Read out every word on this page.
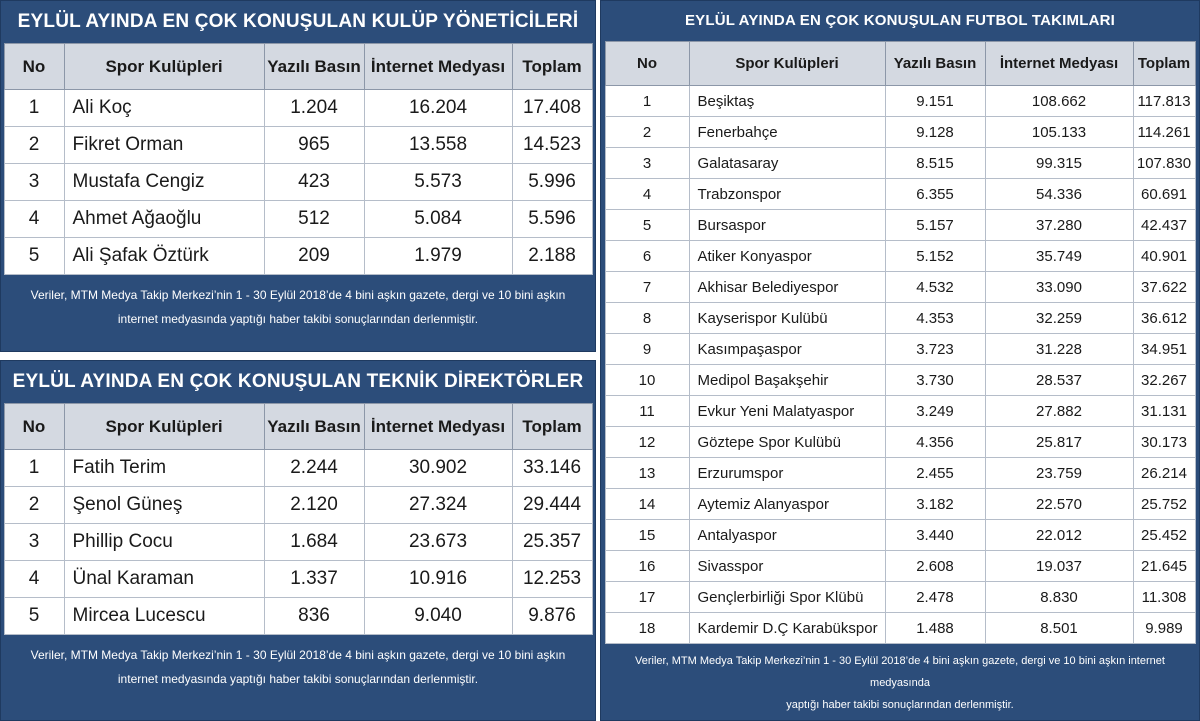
EYLÜL AYINDA EN ÇOK KONUŞULAN KULÜP YÖNETİCİLERİ
No	Spor Kulüpleri	Yazılı Basın	İnternet Medyası	Toplam
1	Ali Koç	1.204	16.204	17.408
2	Fikret Orman	965	13.558	14.523
3	Mustafa Cengiz	423	5.573	5.996
4	Ahmet Ağaoğlu	512	5.084	5.596
5	Ali Şafak Öztürk	209	1.979	2.188
Veriler, MTM Medya Takip Merkezi’nin 1 - 30 Eylül 2018’de 4 bini aşkın gazete, dergi ve 10 bini aşkın
internet medyasında yaptığı haber takibi sonuçlarından derlenmiştir.
EYLÜL AYINDA EN ÇOK KONUŞULAN TEKNİK DİREKTÖRLER
No	Spor Kulüpleri	Yazılı Basın	İnternet Medyası	Toplam
1	Fatih Terim	2.244	30.902	33.146
2	Şenol Güneş	2.120	27.324	29.444
3	Phillip Cocu	1.684	23.673	25.357
4	Ünal Karaman	1.337	10.916	12.253
5	Mircea Lucescu	836	9.040	9.876
Veriler, MTM Medya Takip Merkezi’nin 1 - 30 Eylül 2018’de 4 bini aşkın gazete, dergi ve 10 bini aşkın
internet medyasında yaptığı haber takibi sonuçlarından derlenmiştir.
EYLÜL AYINDA EN ÇOK KONUŞULAN FUTBOL TAKIMLARI
No	Spor Kulüpleri	Yazılı Basın	İnternet Medyası	Toplam
1	Beşiktaş	9.151	108.662	117.813
2	Fenerbahçe	9.128	105.133	114.261
3	Galatasaray	8.515	99.315	107.830
4	Trabzonspor	6.355	54.336	60.691
5	Bursaspor	5.157	37.280	42.437
6	Atiker Konyaspor	5.152	35.749	40.901
7	Akhisar Belediyespor	4.532	33.090	37.622
8	Kayserispor Kulübü	4.353	32.259	36.612
9	Kasımpaşaspor	3.723	31.228	34.951
10	Medipol Başakşehir	3.730	28.537	32.267
11	Evkur Yeni Malatyaspor	3.249	27.882	31.131
12	Göztepe Spor Kulübü	4.356	25.817	30.173
13	Erzurumspor	2.455	23.759	26.214
14	Aytemiz Alanyaspor	3.182	22.570	25.752
15	Antalyaspor	3.440	22.012	25.452
16	Sivasspor	2.608	19.037	21.645
17	Gençlerbirliği Spor Klübü	2.478	8.830	11.308
18	Kardemir D.Ç Karabükspor	1.488	8.501	9.989
Veriler, MTM Medya Takip Merkezi’nin 1 - 30 Eylül 2018’de 4 bini aşkın gazete, dergi ve 10 bini aşkın internet medyasında
yaptığı haber takibi sonuçlarından derlenmiştir.
